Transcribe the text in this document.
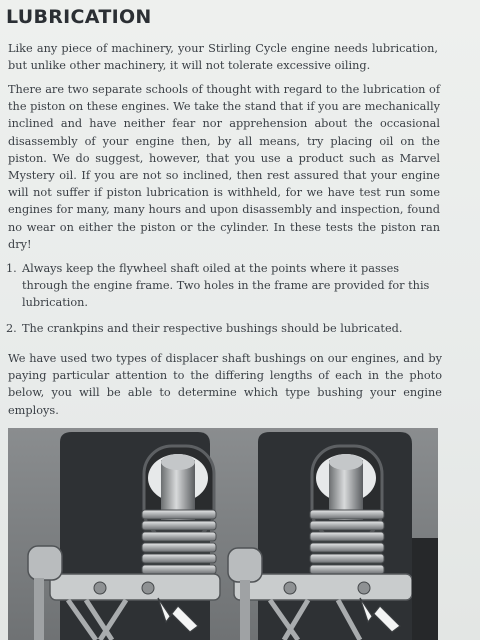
LUBRICATION

Like any piece of machinery, your Stirling Cycle engine needs lubrication, but unlike other machinery, it will not tolerate excessive oiling.

There are two separate schools of thought with regard to the lubrication of the piston on these engines. We take the stand that if you are mechanically inclined and have neither fear nor apprehension about the occasional disassembly of your engine then, by all means, try placing oil on the piston. We do suggest, however, that you use a product such as Marvel Mystery oil. If you are not so inclined, then rest assured that your engine will not suffer if piston lubrication is withheld, for we have test run some engines for many, many hours and upon disassembly and inspection, found no wear on either the piston or the cylinder. In these tests the piston ran dry!

1. Always keep the flywheel shaft oiled at the points where it passes through the engine frame. Two holes in the frame are provided for this lubrication.
2. The crankpins and their respective bushings should be lubricated.

We have used two types of displacer shaft bushings on our engines, and by paying particular attention to the differing lengths of each in the photo below, you will be able to determine which type bushing your engine employs.
